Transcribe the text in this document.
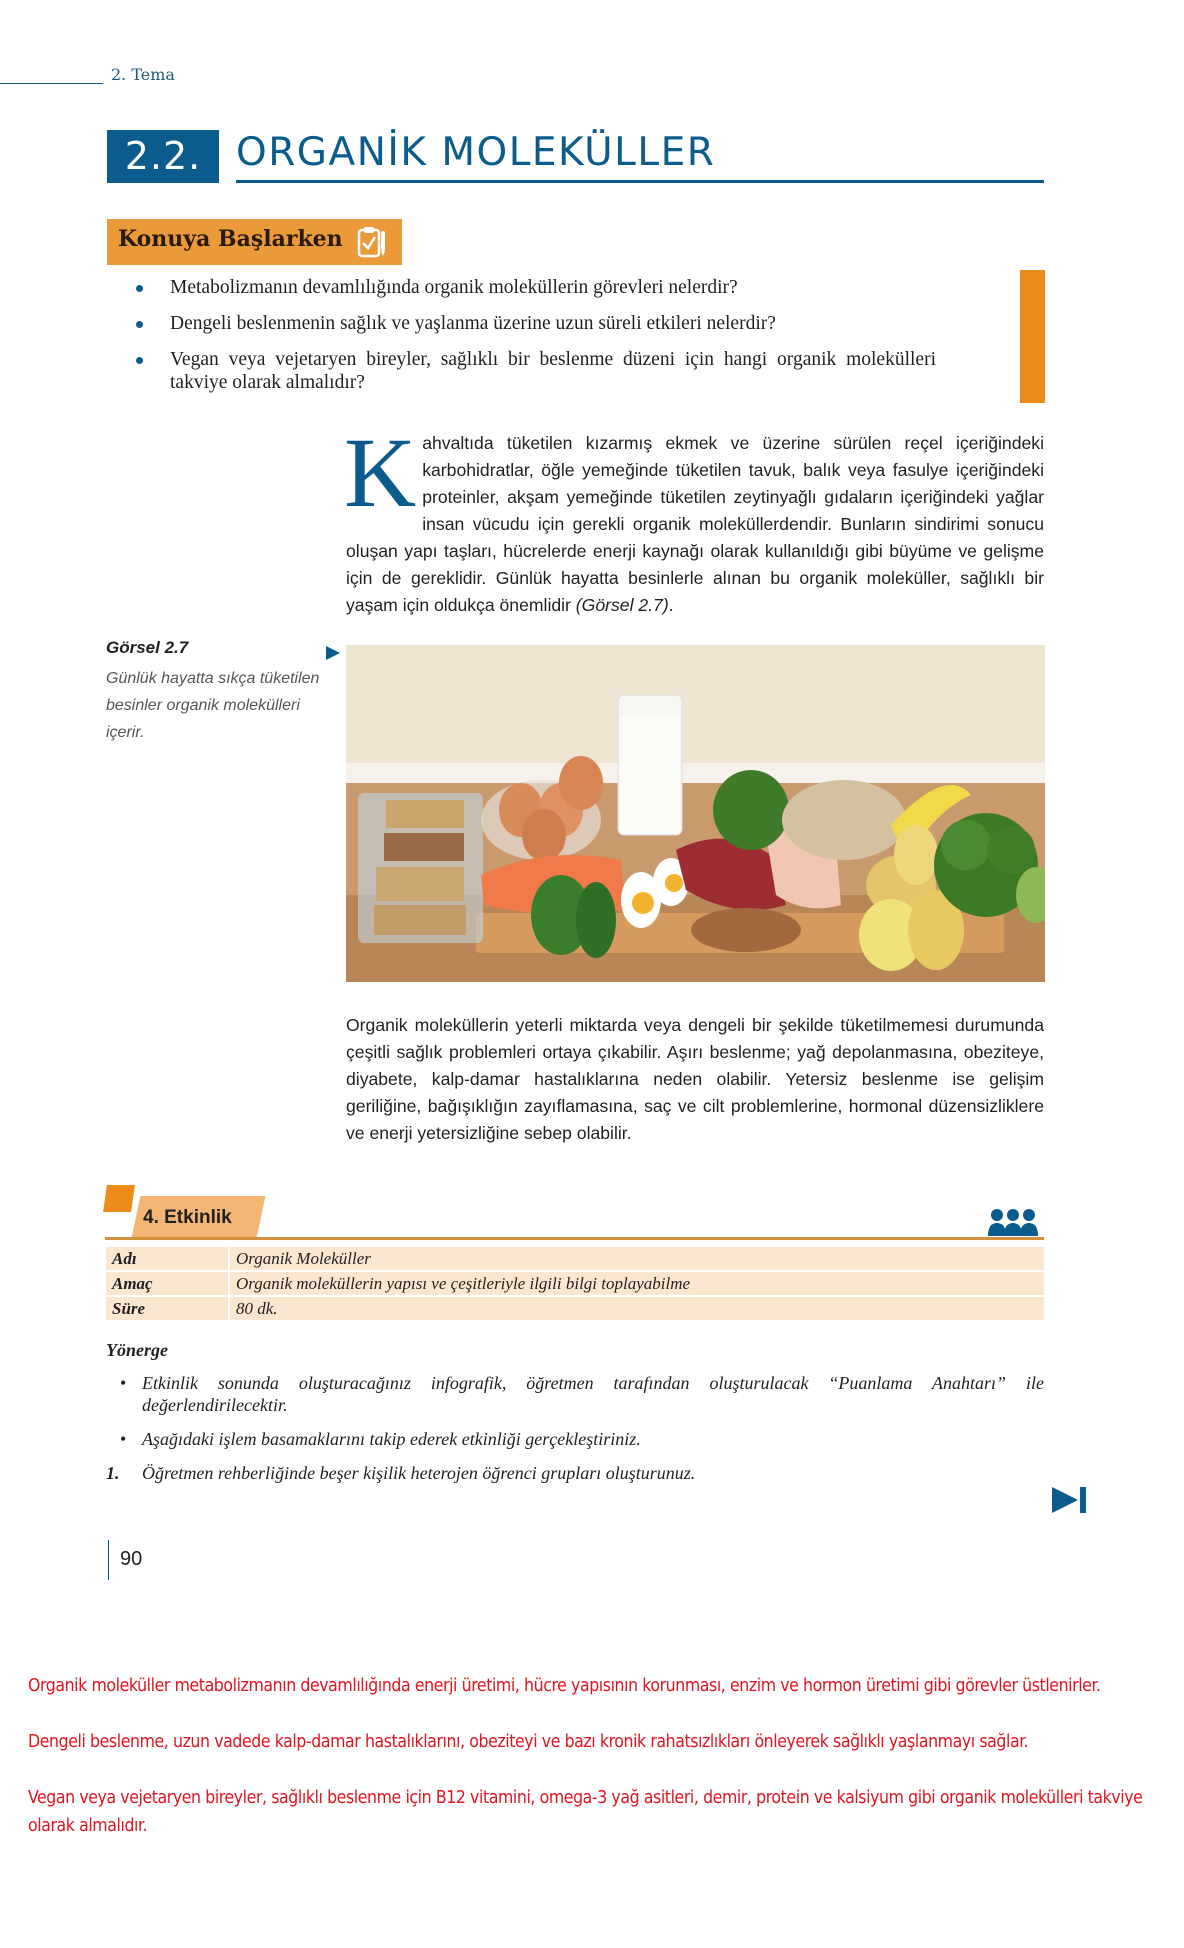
2. Tema
2.2. ORGANİK MOLEKÜLLER
Konuya Başlarken
Metabolizmanın devamlılığında organik moleküllerin görevleri nelerdir?
Dengeli beslenmenin sağlık ve yaşlanma üzerine uzun süreli etkileri nelerdir?
Vegan veya vejetaryen bireyler, sağlıklı bir beslenme düzeni için hangi organik molekülleri takviye olarak almalıdır?
Kahvaltıda tüketilen kızarmış ekmek ve üzerine sürülen reçel içeriğindeki karbohidratlar, öğle yemeğinde tüketilen tavuk, balık veya fasulye içeriğindeki proteinler, akşam yemeğinde tüketilen zeytinyağlı gıdaların içeriğindeki yağlar insan vücudu için gerekli organik moleküllerdendir. Bunların sindirimi sonucu oluşan yapı taşları, hücrelerde enerji kaynağı olarak kullanıldığı gibi büyüme ve gelişme için de gereklidir. Günlük hayatta besinlerle alınan bu organik moleküller, sağlıklı bir yaşam için oldukça önemlidir (Görsel 2.7).
Görsel 2.7
Günlük hayatta sıkça tüketilen besinler organik molekülleri içerir.
Organik moleküllerin yeterli miktarda veya dengeli bir şekilde tüketilmemesi durumunda çeşitli sağlık problemleri ortaya çıkabilir. Aşırı beslenme; yağ depolanmasına, obeziteye, diyabete, kalp-damar hastalıklarına neden olabilir. Yetersiz beslenme ise gelişim geriliğine, bağışıklığın zayıflamasına, saç ve cilt problemlerine, hormonal düzensizliklere ve enerji yetersizliğine sebep olabilir.
4. Etkinlik
Adı	Organik Moleküller
Amaç	Organik moleküllerin yapısı ve çeşitleriyle ilgili bilgi toplayabilme
Süre	80 dk.
Yönerge
• Etkinlik sonunda oluşturacağınız infografik, öğretmen tarafından oluşturulacak “Puanlama Anahtarı” ile değerlendirilecektir.
• Aşağıdaki işlem basamaklarını takip ederek etkinliği gerçekleştiriniz.
1. Öğretmen rehberliğinde beşer kişilik heterojen öğrenci grupları oluşturunuz.
90

Organik moleküller metabolizmanın devamlılığında enerji üretimi, hücre yapısının korunması, enzim ve hormon üretimi gibi görevler üstlenirler.

Dengeli beslenme, uzun vadede kalp-damar hastalıklarını, obeziteyi ve bazı kronik rahatsızlıkları önleyerek sağlıklı yaşlanmayı sağlar.

Vegan veya vejetaryen bireyler, sağlıklı beslenme için B12 vitamini, omega-3 yağ asitleri, demir, protein ve kalsiyum gibi organik molekülleri takviye olarak almalıdır.
